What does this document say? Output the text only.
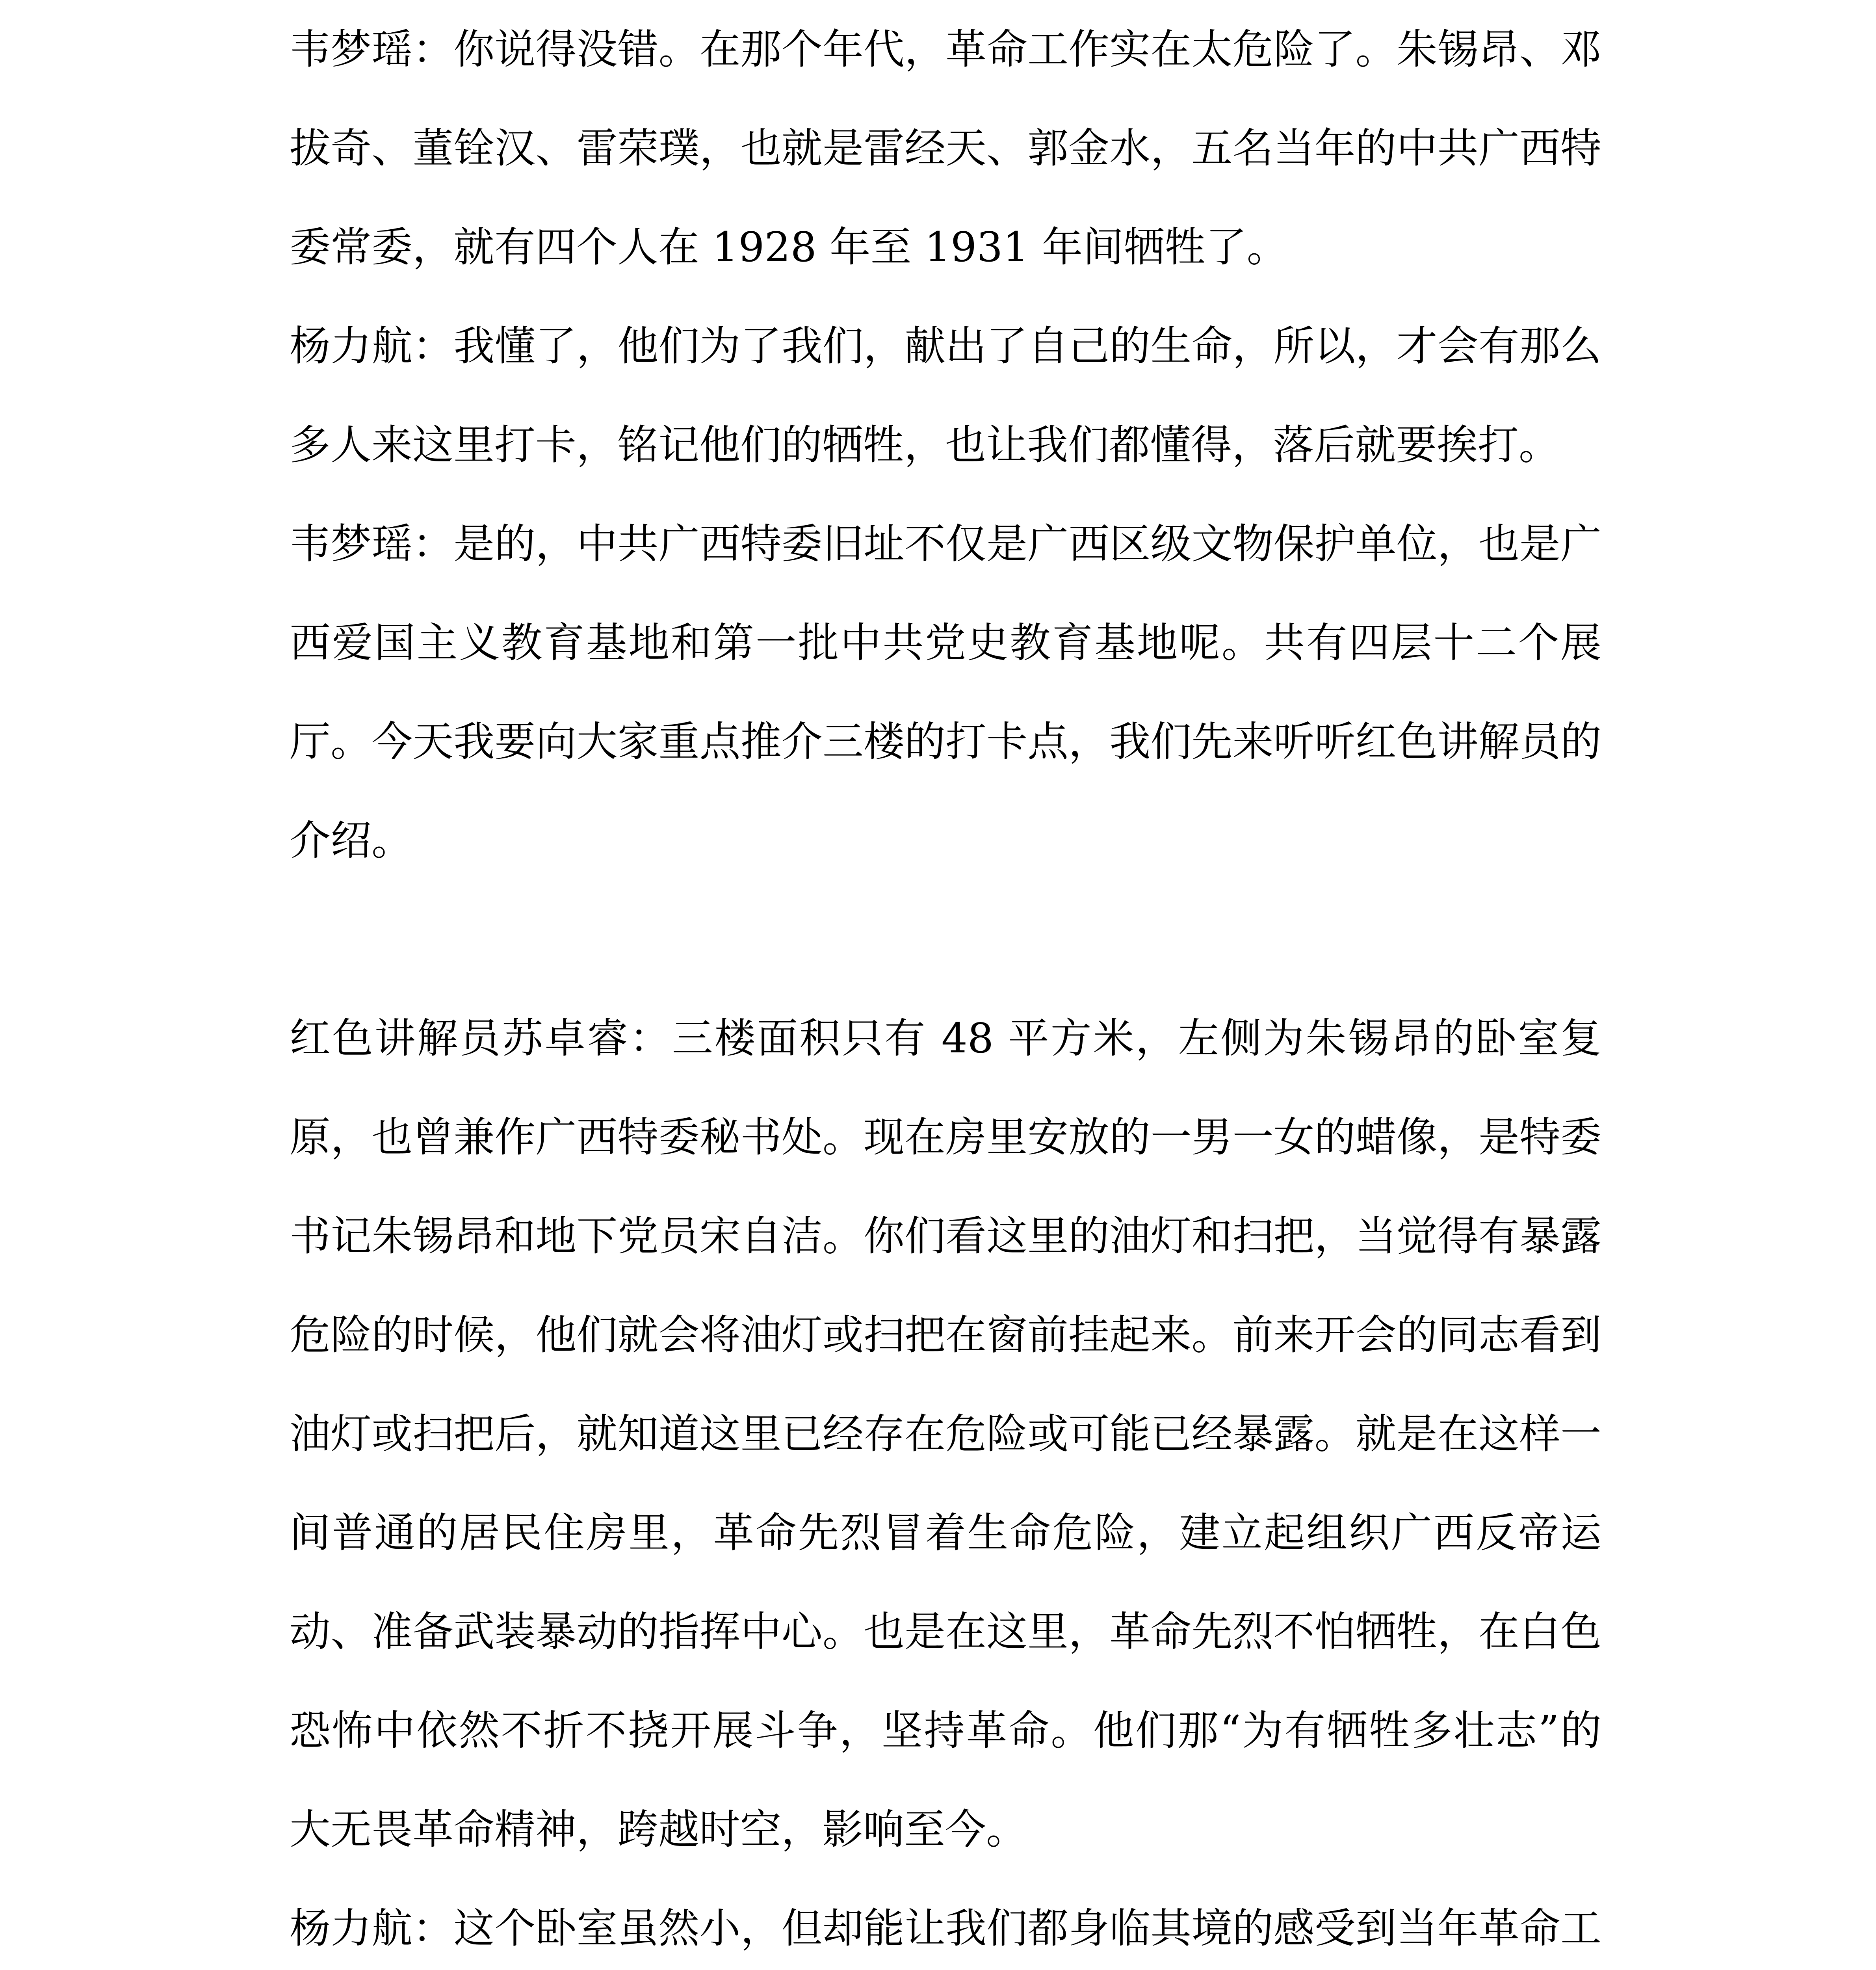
韦梦瑶：你说得没错。在那个年代，革命工作实在太危险了。朱锡昂、邓拔奇、董铨汉、雷荣璞，也就是雷经天、郭金水，五名当年的中共广西特委常委，就有四个人在 1928 年至 1931 年间牺牲了。

杨力航：我懂了，他们为了我们，献出了自己的生命，所以，才会有那么多人来这里打卡，铭记他们的牺牲，也让我们都懂得，落后就要挨打。

韦梦瑶：是的，中共广西特委旧址不仅是广西区级文物保护单位，也是广西爱国主义教育基地和第一批中共党史教育基地呢。共有四层十二个展厅。今天我要向大家重点推介三楼的打卡点，我们先来听听红色讲解员的介绍。

红色讲解员苏卓睿：三楼面积只有 48 平方米，左侧为朱锡昂的卧室复原，也曾兼作广西特委秘书处。现在房里安放的一男一女的蜡像，是特委书记朱锡昂和地下党员宋自洁。你们看这里的油灯和扫把，当觉得有暴露危险的时候，他们就会将油灯或扫把在窗前挂起来。前来开会的同志看到油灯或扫把后，就知道这里已经存在危险或可能已经暴露。就是在这样一间普通的居民住房里，革命先烈冒着生命危险，建立起组织广西反帝运动、准备武装暴动的指挥中心。也是在这里，革命先烈不怕牺牲，在白色恐怖中依然不折不挠开展斗争，坚持革命。他们那“为有牺牲多壮志”的大无畏革命精神，跨越时空，影响至今。

杨力航：这个卧室虽然小，但却能让我们都身临其境的感受到当年革命工
